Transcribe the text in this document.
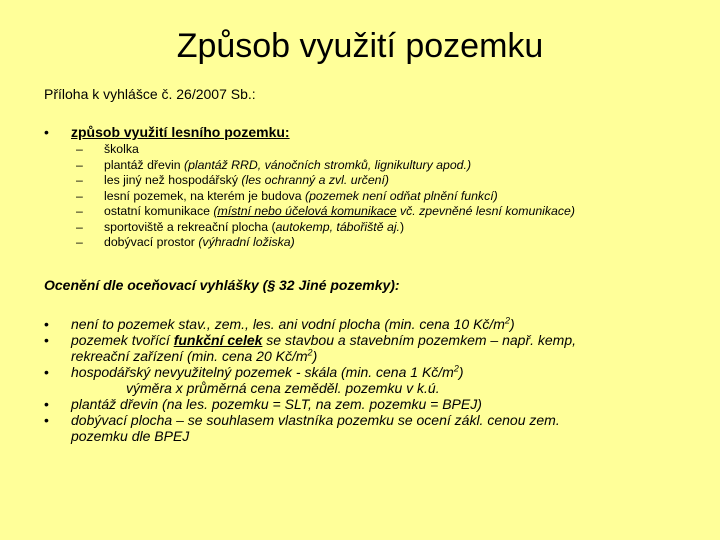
Způsob využití pozemku
Příloha k vyhlášce č. 26/2007 Sb.:
• způsob využití lesního pozemku:
– školka
– plantáž dřevin (plantáž RRD, vánočních stromků, lignikultury apod.)
– les jiný než hospodářský (les ochranný a zvl. určení)
– lesní pozemek, na kterém je budova (pozemek není odňat plnění funkcí)
– ostatní komunikace (místní nebo účelová komunikace vč. zpevněné lesní komunikace)
– sportoviště a rekreační plocha (autokemp, tábořiště aj.)
– dobývací prostor (výhradní ložiska)
Ocenění dle oceňovací vyhlášky (§ 32 Jiné pozemky):
• není to pozemek stav., zem., les. ani vodní plocha (min. cena 10 $Kč/m^2$)
• pozemek tvořící funkční celek se stavbou a stavebním pozemkem – např. kemp,
rekreační zařízení (min. cena 20 $Kč/m^2$)
• hospodářský nevyužitelný pozemek - skála (min. cena 1 $Kč/m^2$)
výměra x průměrná cena zeměděl. pozemku v k.ú.
• plantáž dřevin (na les. pozemku = SLT, na zem. pozemku = BPEJ)
• dobývací plocha – se souhlasem vlastníka pozemku se ocení zákl. cenou zem.
pozemku dle BPEJ
